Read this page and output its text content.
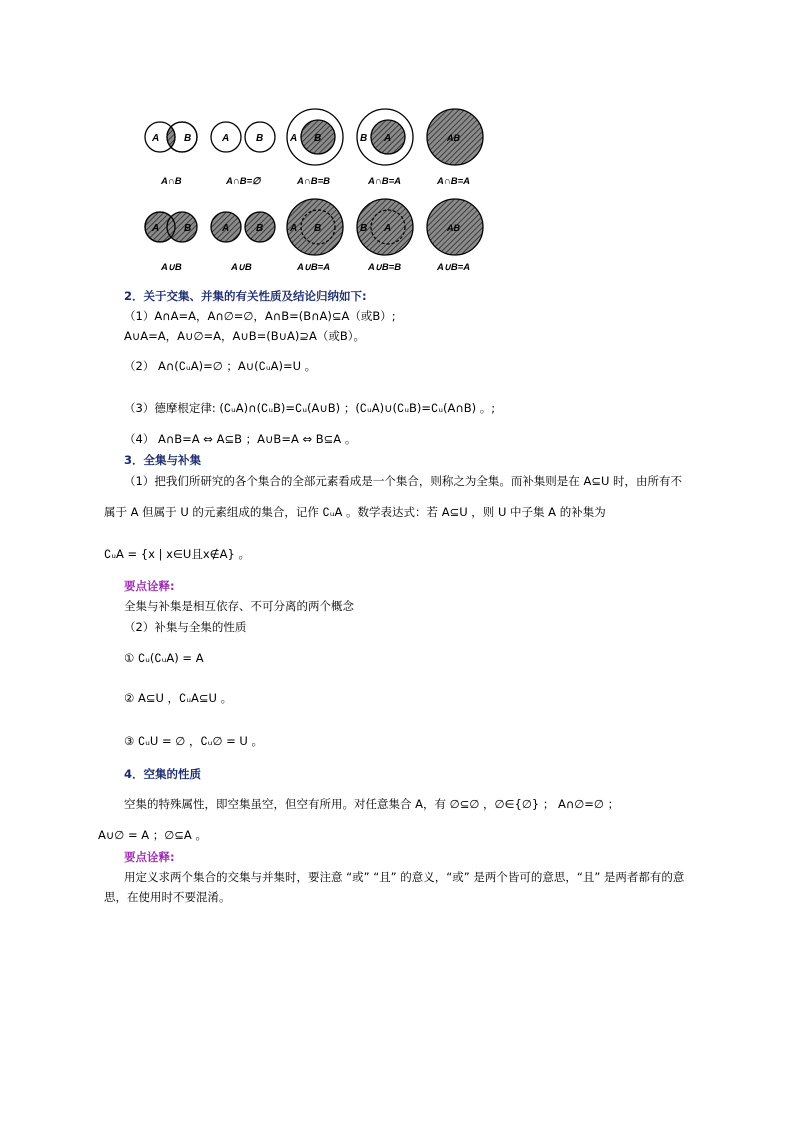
A B	A	B	A B	B A	AB
A∩B	A∩B=∅	A∩B=B	A∩B=A	A∩B=A
A B	A	B	A B	B A	AB
A∪B	A∪B	A∪B=A	A∪B=B	A∪B=A
2．关于交集、并集的有关性质及结论归纳如下:
（1）A∩A=A，A∩∅=∅，A∩B=(B∩A)⊆A（或B）;
A∪A=A，A∪∅=A，A∪B=(B∪A)⊇A（或B）。
（2） A∩(∁ᵤA)=∅ ；A∪(∁ᵤA)=U 。
（3）德摩根定律: (∁ᵤA)∩(∁ᵤB)=∁ᵤ(A∪B) ；(∁ᵤA)∪(∁ᵤB)=∁ᵤ(A∩B) 。;
（4） A∩B=A ⇔ A⊆B ；A∪B=A ⇔ B⊆A 。
3．全集与补集
（1）把我们所研究的各个集合的全部元素看成是一个集合，则称之为全集。而补集则是在 A⊆U 时，由所有不
属于 A 但属于 U 的元素组成的集合，记作 ∁ᵤA 。数学表达式：若 A⊆U ，则 U 中子集 A 的补集为
∁ᵤA = {x | x∈U且x∉A} 。
要点诠释:
全集与补集是相互依存、不可分离的两个概念
（2）补集与全集的性质
① ∁ᵤ(∁ᵤA) = A
② A⊆U ，∁ᵤA⊆U 。
③ ∁ᵤU = ∅ ，∁ᵤ∅ = U 。
4．空集的性质
空集的特殊属性，即空集虽空，但空有所用。对任意集合 A，有 ∅⊆∅ ，∅∈{∅} ； A∩∅=∅ ；
A∪∅ = A ；∅⊆A 。
要点诠释:
用定义求两个集合的交集与并集时，要注意 “或” “且” 的意义，“或” 是两个皆可的意思，“且” 是两者都有的意
思，在使用时不要混淆。
